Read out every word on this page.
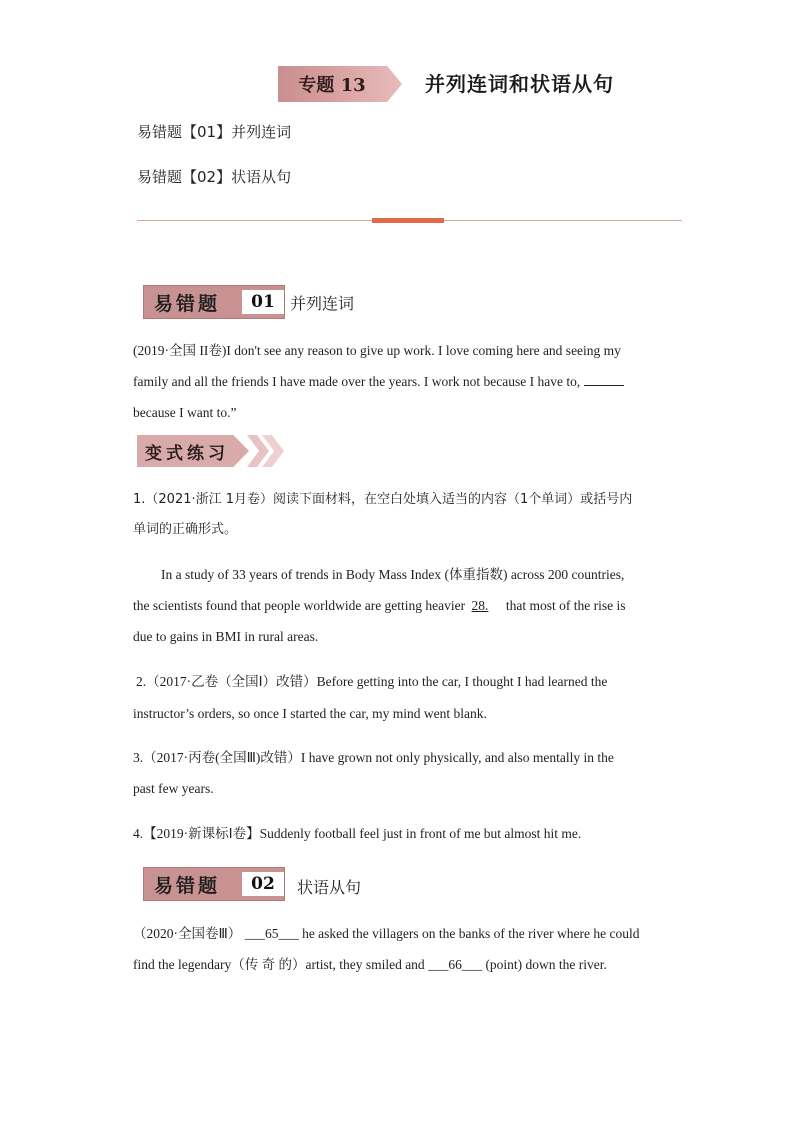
专题 13	并列连词和状语从句
易错题【01】并列连词
易错题【02】状语从句
易错题	01 并列连词
(2019·全国 II卷)I don't see any reason to give up work. I love coming here and seeing my
family and all the friends I have made over the years. I work not because I have to,
because I want to.”
变式练习
1.（2021·浙江 1月卷）阅读下面材料，在空白处填入适当的内容（1个单词）或括号内
单词的正确形式。
In a study of 33 years of trends in Body Mass Index (体重指数) across 200 countries,
the scientists found that people worldwide are getting heavier 28. that most of the rise is
due to gains in BMI in rural areas.
2.（2017·乙卷（全国Ⅰ）改错）Before getting into the car, I thought I had learned the
instructor’s orders, so once I started the car, my mind went blank.
3.（2017·丙卷(全国Ⅲ)改错）I have grown not only physically, and also mentally in the
past few years.
4.【2019·新课标Ⅰ卷】Suddenly football feel just in front of me but almost hit me.
易错题	02	状语从句
（2020·全国卷Ⅲ） ___65___ he asked the villagers on the banks of the river where he could
find the legendary（传 奇 的）artist, they smiled and ___66___ (point) down the river.
